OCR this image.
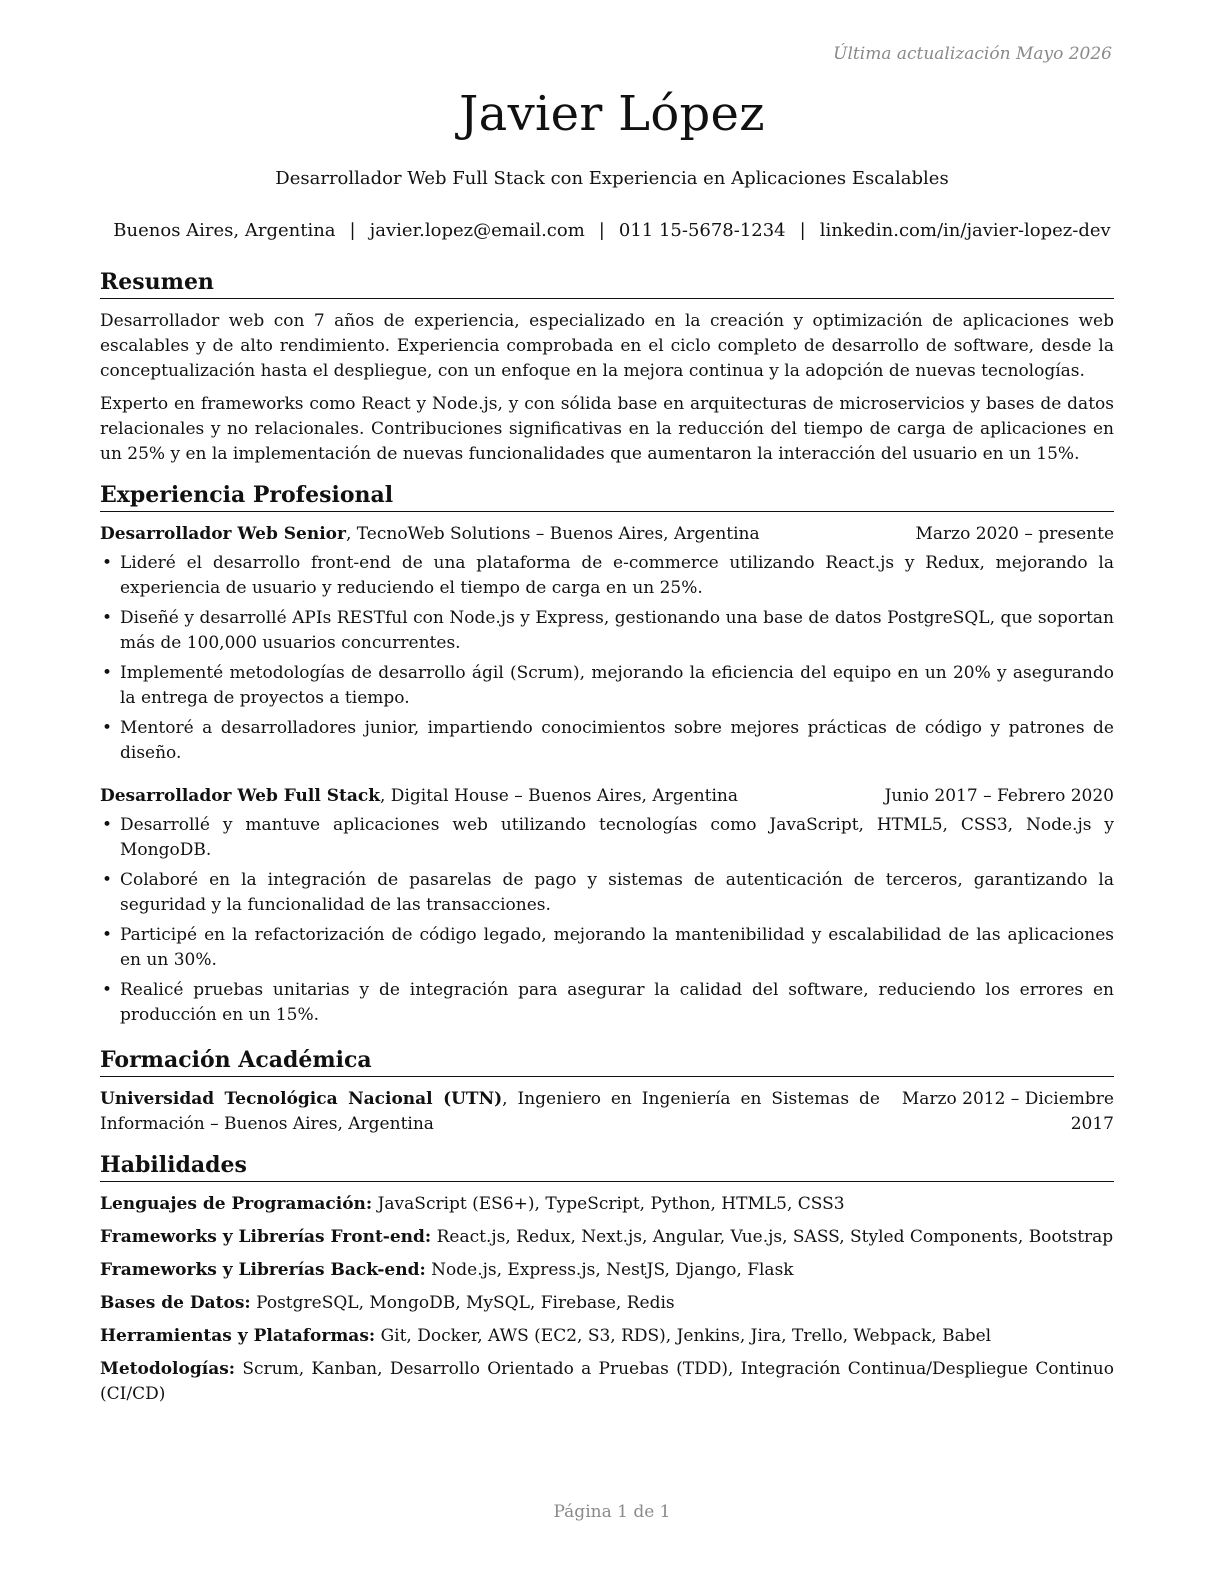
Última actualización Mayo 2026

Javier López

Desarrollador Web Full Stack con Experiencia en Aplicaciones Escalables

Buenos Aires, Argentina | javier.lopez@email.com | 011 15-5678-1234 | linkedin.com/in/javier-lopez-dev

Resumen

Desarrollador web con 7 años de experiencia, especializado en la creación y optimización de aplicaciones web escalables y de alto rendimiento. Experiencia comprobada en el ciclo completo de desarrollo de software, desde la conceptualización hasta el despliegue, con un enfoque en la mejora continua y la adopción de nuevas tecnologías.

Experto en frameworks como React y Node.js, y con sólida base en arquitecturas de microservicios y bases de datos relacionales y no relacionales. Contribuciones significativas en la reducción del tiempo de carga de aplicaciones en un 25% y en la implementación de nuevas funcionalidades que aumentaron la interacción del usuario en un 15%.

Experiencia Profesional
Desarrollador Web Senior, TecnoWeb Solutions – Buenos Aires, Argentina	Marzo 2020 – presente
• Lideré el desarrollo front-end de una plataforma de e-commerce utilizando React.js y Redux, mejorando la experiencia de usuario y reduciendo el tiempo de carga en un 25%.
• Diseñé y desarrollé APIs RESTful con Node.js y Express, gestionando una base de datos PostgreSQL, que soportan más de 100,000 usuarios concurrentes.
• Implementé metodologías de desarrollo ágil (Scrum), mejorando la eficiencia del equipo en un 20% y asegurando la entrega de proyectos a tiempo.
• Mentoré a desarrolladores junior, impartiendo conocimientos sobre mejores prácticas de código y patrones de diseño.
Desarrollador Web Full Stack, Digital House – Buenos Aires, Argentina	Junio 2017 – Febrero 2020
• Desarrollé y mantuve aplicaciones web utilizando tecnologías como JavaScript, HTML5, CSS3, Node.js y MongoDB.
• Colaboré en la integración de pasarelas de pago y sistemas de autenticación de terceros, garantizando la seguridad y la funcionalidad de las transacciones.
• Participé en la refactorización de código legado, mejorando la mantenibilidad y escalabilidad de las aplicaciones en un 30%.
• Realicé pruebas unitarias y de integración para asegurar la calidad del software, reduciendo los errores en producción en un 15%.
Formación Académica
Universidad Tecnológica Nacional (UTN), Ingeniero en Ingeniería en Sistemas de Información – Buenos Aires, Argentina
Marzo 2012 – Diciembre 2017
Habilidades

Lenguajes de Programación: JavaScript (ES6+), TypeScript, Python, HTML5, CSS3

Frameworks y Librerías Front-end: React.js, Redux, Next.js, Angular, Vue.js, SASS, Styled Components, Bootstrap

Frameworks y Librerías Back-end: Node.js, Express.js, NestJS, Django, Flask

Bases de Datos: PostgreSQL, MongoDB, MySQL, Firebase, Redis

Herramientas y Plataformas: Git, Docker, AWS (EC2, S3, RDS), Jenkins, Jira, Trello, Webpack, Babel

Metodologías: Scrum, Kanban, Desarrollo Orientado a Pruebas (TDD), Integración Continua/Despliegue Continuo (CI/CD)

Página 1 de 1
